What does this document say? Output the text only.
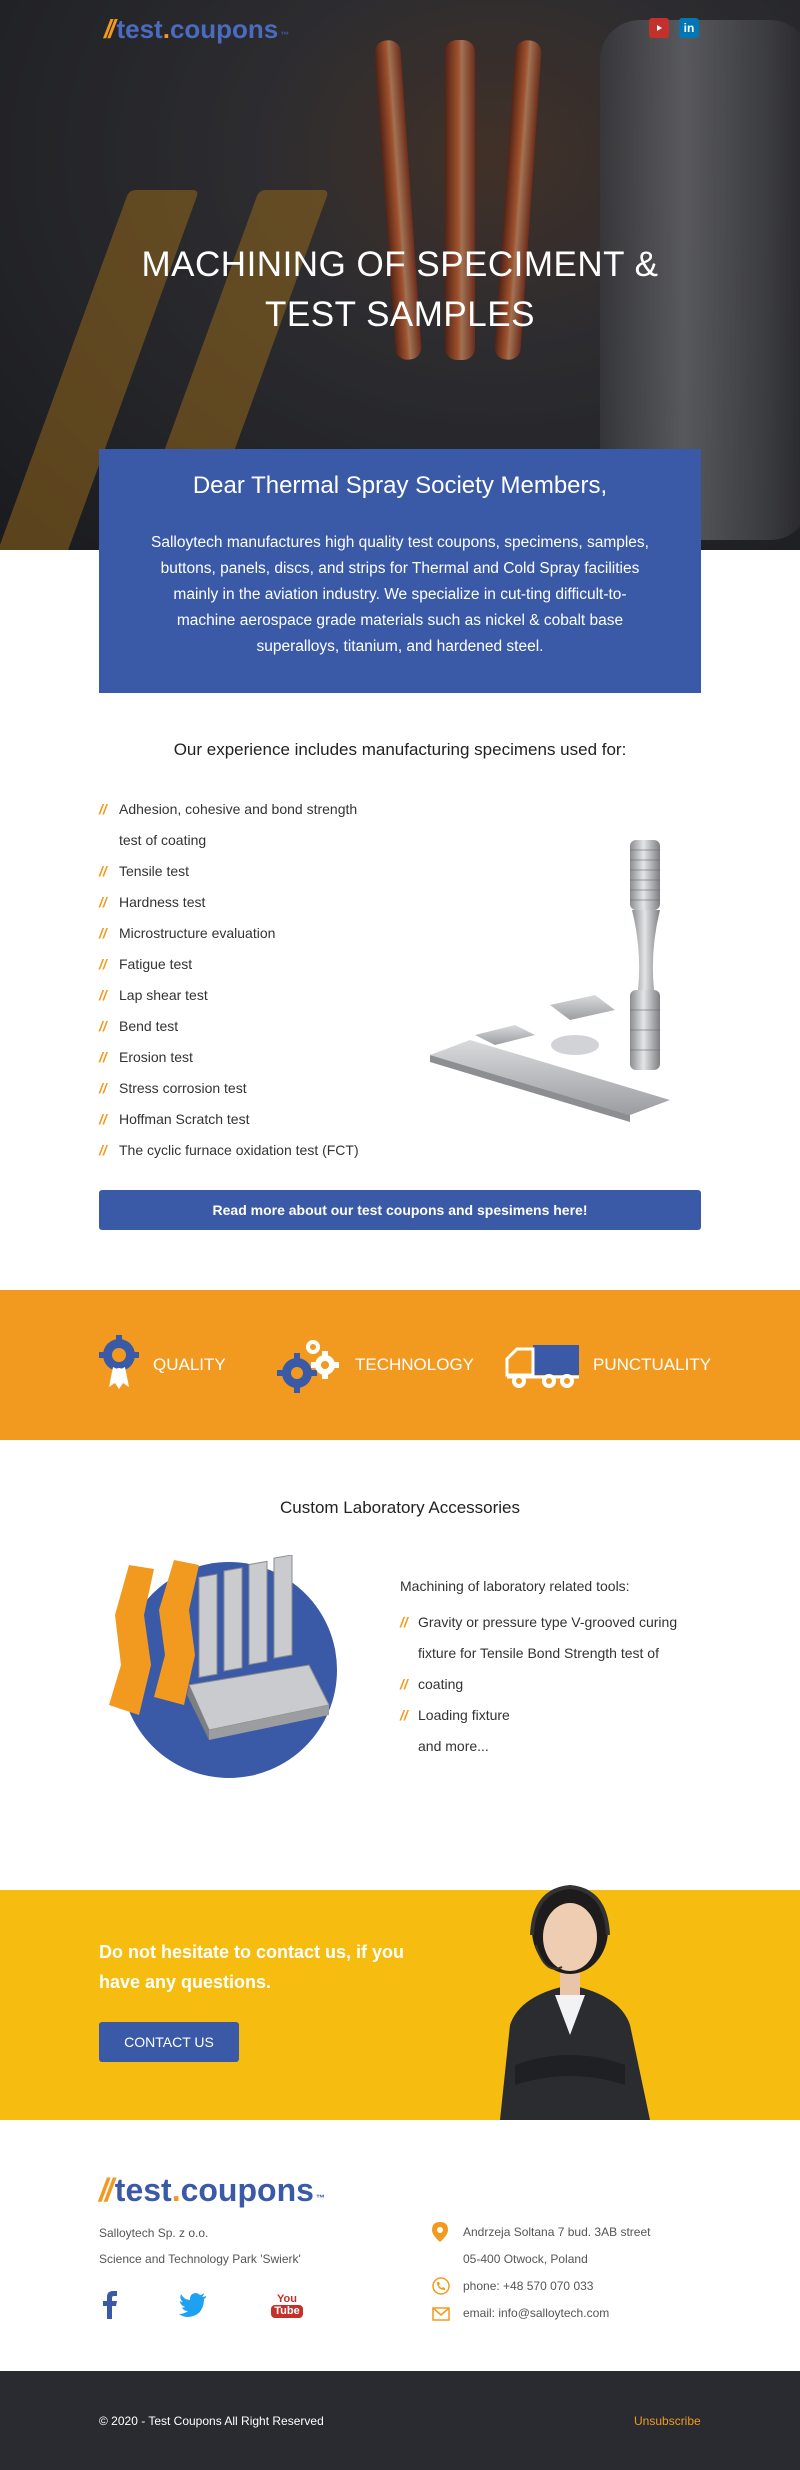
// test . coupons ™	in
MACHINING OF SPECIMENT &
TEST SAMPLES
Dear Thermal Spray Society Members,

Salloytech manufactures high quality test coupons, specimens, samples, buttons, panels, discs, and strips for Thermal and Cold Spray facilities mainly in the aviation industry. We specialize in cut-ting difficult-to-machine aerospace grade materials such as nickel & cobalt base superalloys, titanium, and hardened steel.

Our experience includes manufacturing specimens used for:
// Adhesion, cohesive and bond strength
test of coating
// Tensile test
// Hardness test
// Microstructure evaluation
// Fatigue test
// Lap shear test
// Bend test
// Erosion test
// Stress corrosion test
// Hoffman Scratch test
// The cyclic furnace oxidation test (FCT)
Read more about our test coupons and spesimens here!
QUALITY	TECHNOLOGY	PUNCTUALITY
Custom Laboratory Accessories
Machining of laboratory related tools:
// Gravity or pressure type V-grooved curing fixture for Tensile Bond Strength test of
// coating
// Loading fixture
and more...
Do not hesitate to contact us, if you have any questions.
CONTACT US
// test . coupons ™
Salloytech Sp. z o.o.
Science and Technology Park 'Swierk'
You
Tube
Andrzeja Soltana 7 bud. 3AB street
05-400 Otwock, Poland
phone: +48 570 070 033
email: info@salloytech.com
© 2020 - Test Coupons All Right Reserved	Unsubscribe
